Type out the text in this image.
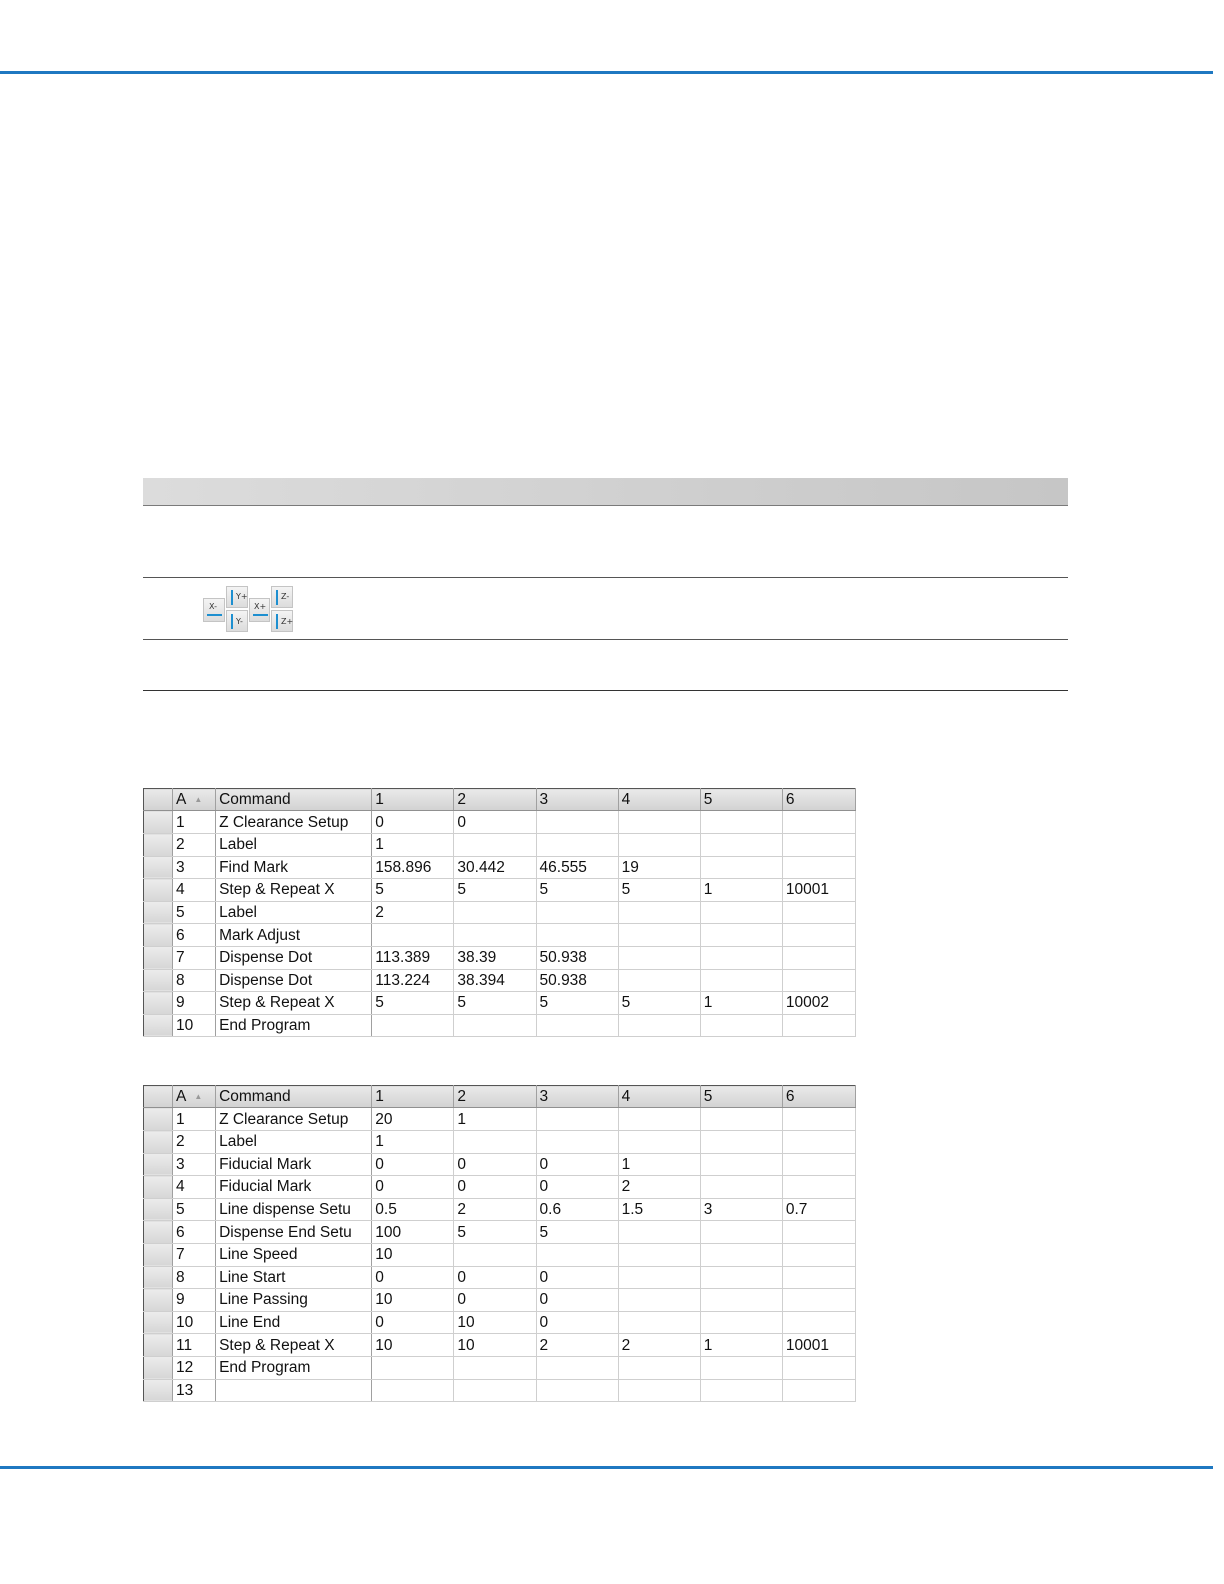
X-
Y+
Y-
X+
Z-
Z+
	A ▲	Command	1	2	3	4	5	6
	1	Z Clearance Setup	0	0				
	2	Label	1					
	3	Find Mark	158.896	30.442	46.555	19		
	4	Step & Repeat X	5	5	5	5	1	10001
	5	Label	2					
	6	Mark Adjust						
	7	Dispense Dot	113.389	38.39	50.938			
	8	Dispense Dot	113.224	38.394	50.938			
	9	Step & Repeat X	5	5	5	5	1	10002
	10	End Program						
	A ▲	Command	1	2	3	4	5	6
	1	Z Clearance Setup	20	1				
	2	Label	1					
	3	Fiducial Mark	0	0	0	1		
	4	Fiducial Mark	0	0	0	2		
	5	Line dispense Setu	0.5	2	0.6	1.5	3	0.7
	6	Dispense End Setu	100	5	5			
	7	Line Speed	10					
	8	Line Start	0	0	0			
	9	Line Passing	10	0	0			
	10	Line End	0	10	0			
	11	Step & Repeat X	10	10	2	2	1	10001
	12	End Program						
	13							
